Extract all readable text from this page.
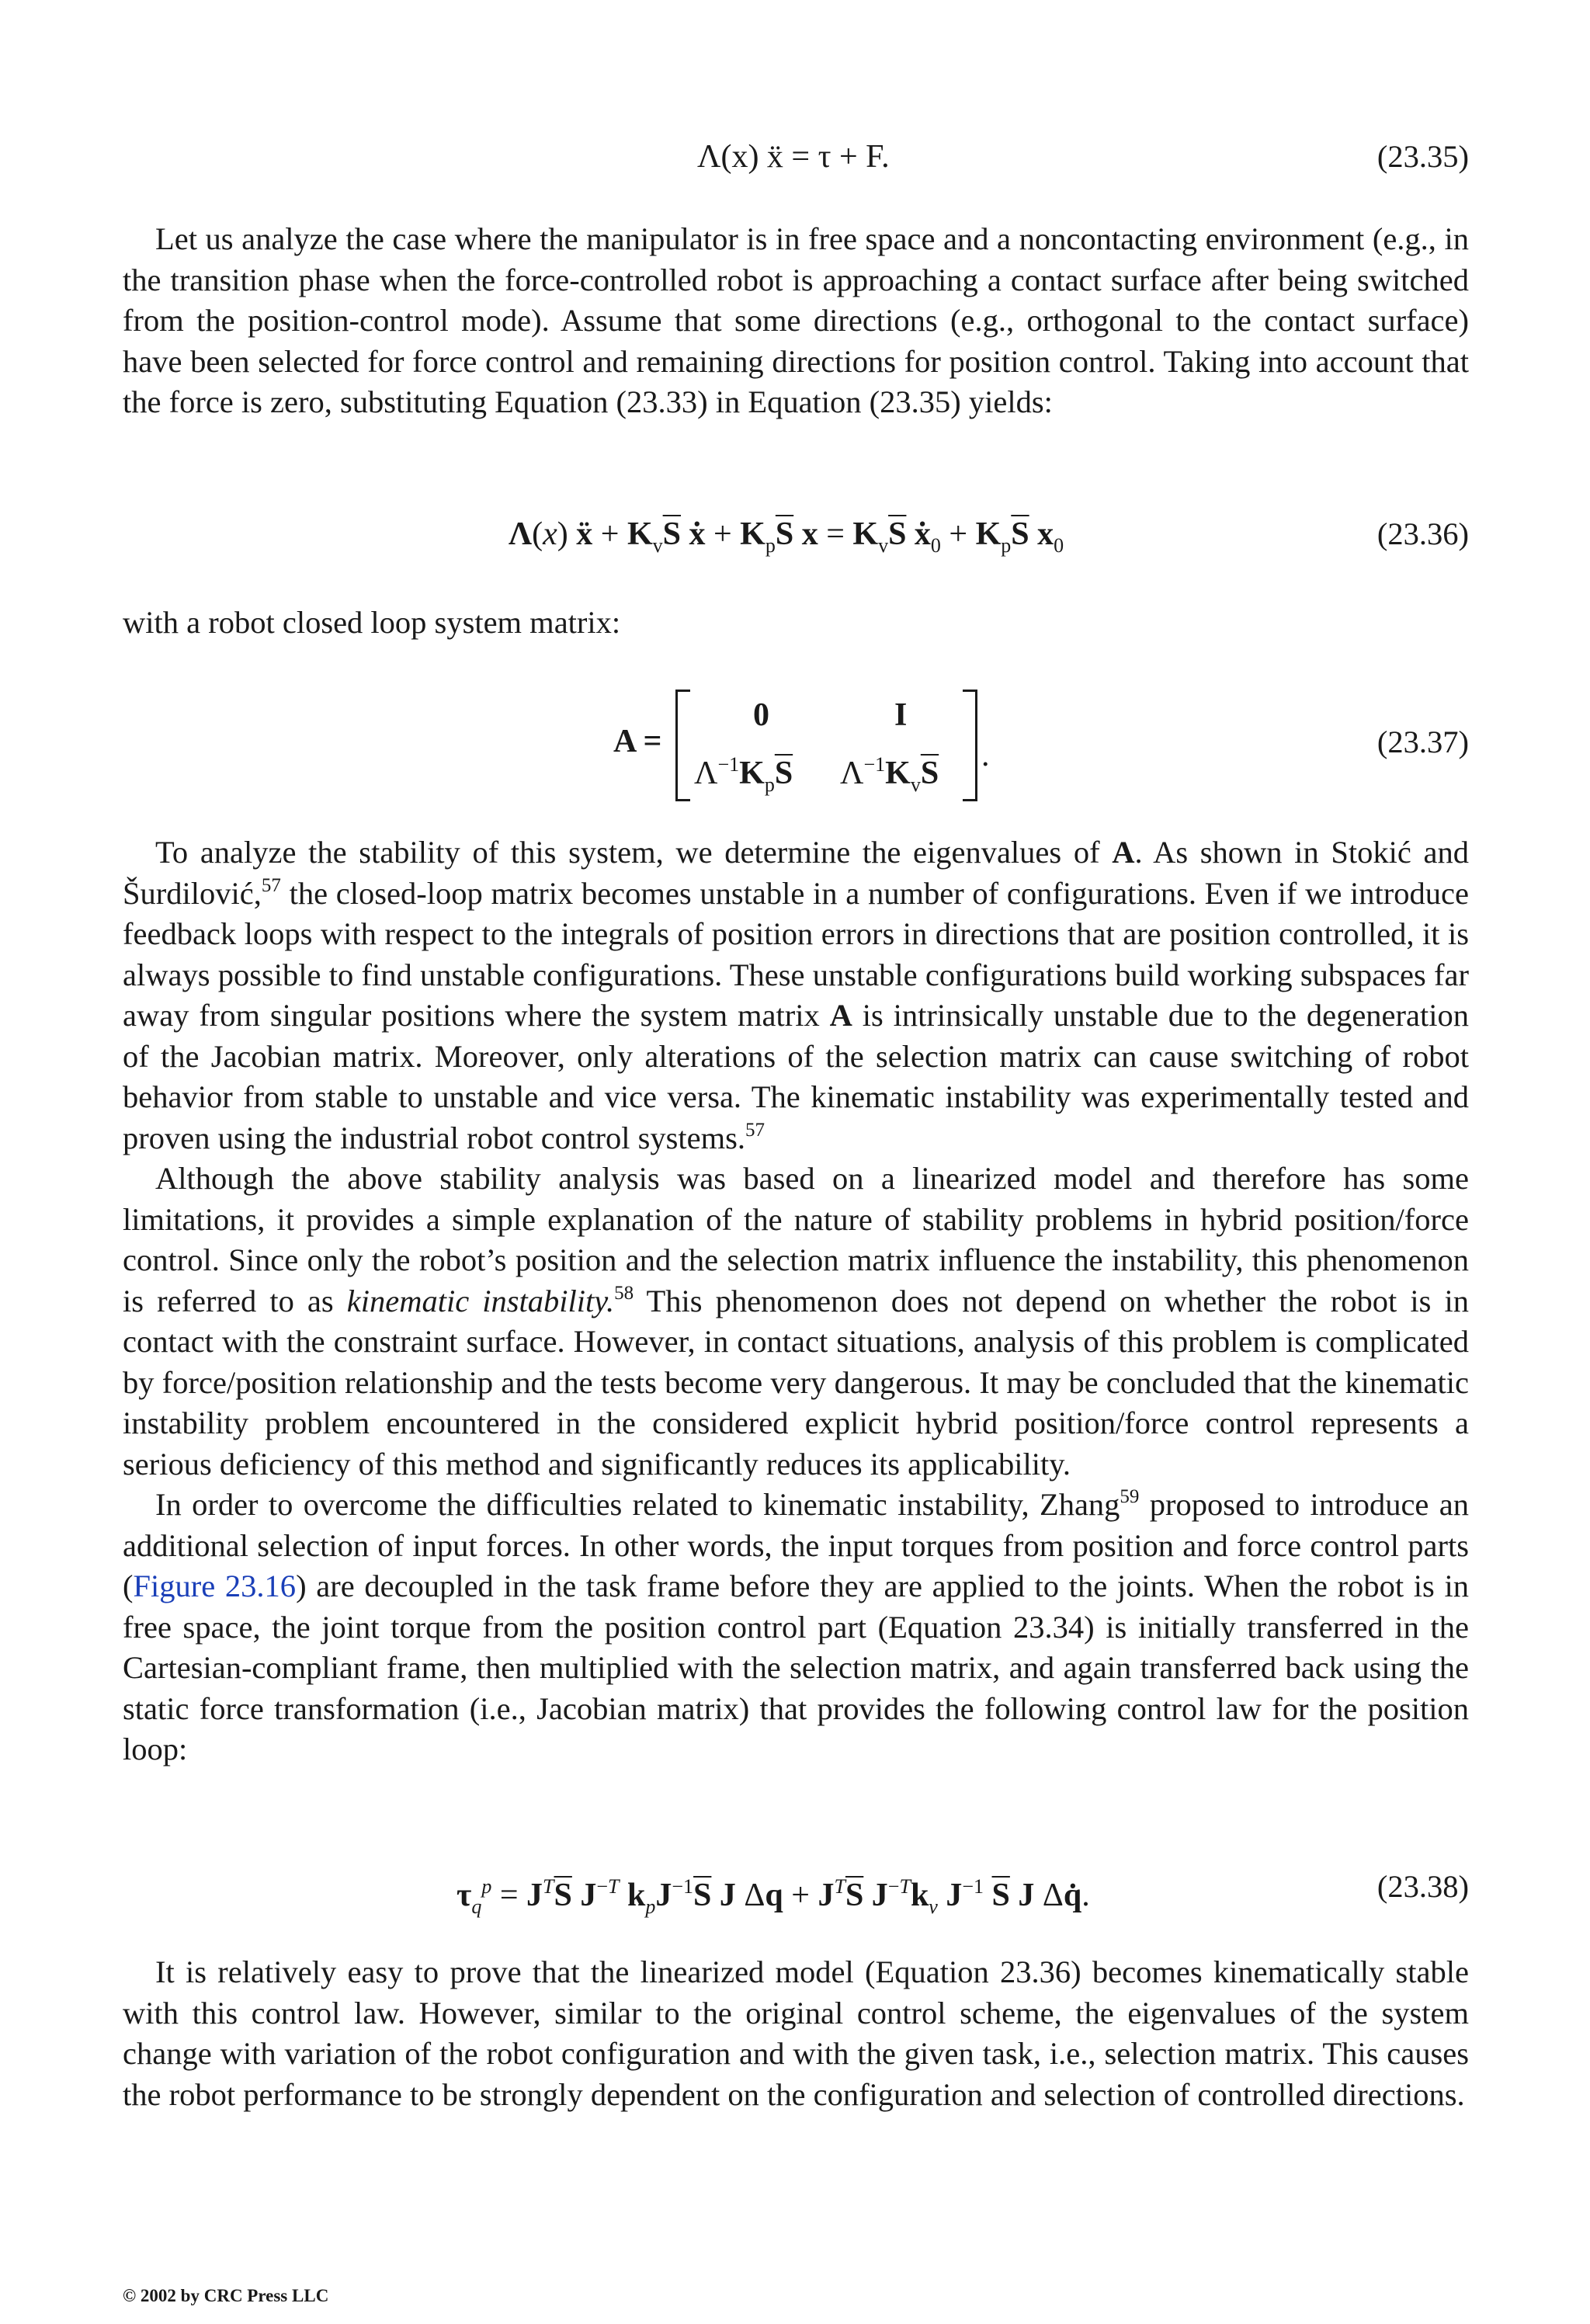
Λ(x) ẍ = τ + F.	(23.35)

Let us analyze the case where the manipulator is in free space and a noncontacting environment (e.g., in the transition phase when the force-controlled robot is approaching a contact surface after being switched from the position-control mode). Assume that some directions (e.g., orthogonal to the contact surface) have been selected for force control and remaining directions for position control. Taking into account that the force is zero, substituting Equation (23.33) in Equation (23.35) yields:

Λ(x) ẍ + $K_v\overline{S}$ ẋ + $K_p\overline{S}$ $x = K_v\overline{S}$ ẋ$_0$ + $K_p\overline{S}$ $x_0$	(23.36)

with a robot closed loop system matrix:

(23.37)
A =
0	I
$\Lambda^{-1}K_p\overline{S}$ $\Lambda^{-1}K_v\overline{S}$ .

To analyze the stability of this system, we determine the eigenvalues of A. As shown in Stokić and Šurdilović,$^{57}$ the closed-loop matrix becomes unstable in a number of configurations. Even if we introduce feedback loops with respect to the integrals of position errors in directions that are position controlled, it is always possible to find unstable configurations. These unstable configurations build working subspaces far away from singular positions where the system matrix A is intrinsically unstable due to the degeneration of the Jacobian matrix. Moreover, only alterations of the selection matrix can cause switching of robot behavior from stable to unstable and vice versa. The kinematic instability was experimentally tested and proven using the industrial robot control systems.$^{57}$

Although the above stability analysis was based on a linearized model and therefore has some limitations, it provides a simple explanation of the nature of stability problems in hybrid position/force control. Since only the robot’s position and the selection matrix influence the instability, this phenomenon is referred to as kinematic instability.$^{58}$ This phenomenon does not depend on whether the robot is in contact with the constraint surface. However, in contact situations, analysis of this problem is complicated by force/position relationship and the tests become very dangerous. It may be concluded that the kinematic instability problem encountered in the considered explicit hybrid position/force control represents a serious deficiency of this method and significantly reduces its applicability.

In order to overcome the difficulties related to kinematic instability, Zhang$^{59}$ proposed to introduce an additional selection of input forces. In other words, the input torques from position and force control parts (Figure 23.16) are decoupled in the task frame before they are applied to the joints. When the robot is in free space, the joint torque from the position control part (Equation 23.34) is initially transferred in the Cartesian-compliant frame, then multiplied with the selection matrix, and again transferred back using the static force transformation (i.e., Jacobian matrix) that provides the following control law for the position loop:

$\tau_q^p = J^T\overline{S}$ $J^{-T}$ $k_pJ^{-1}\overline{S}$ J $\Delta q + J^T\overline{S}$ $J^{-T}k_v$ $J^{-1}$ $\overline{S}$ J Δq̇.	(23.38)

It is relatively easy to prove that the linearized model (Equation 23.36) becomes kinematically stable with this control law. However, similar to the original control scheme, the eigenvalues of the system change with variation of the robot configuration and with the given task, i.e., selection matrix. This causes the robot performance to be strongly dependent on the configuration and selection of controlled directions.

© 2002 by CRC Press LLC
